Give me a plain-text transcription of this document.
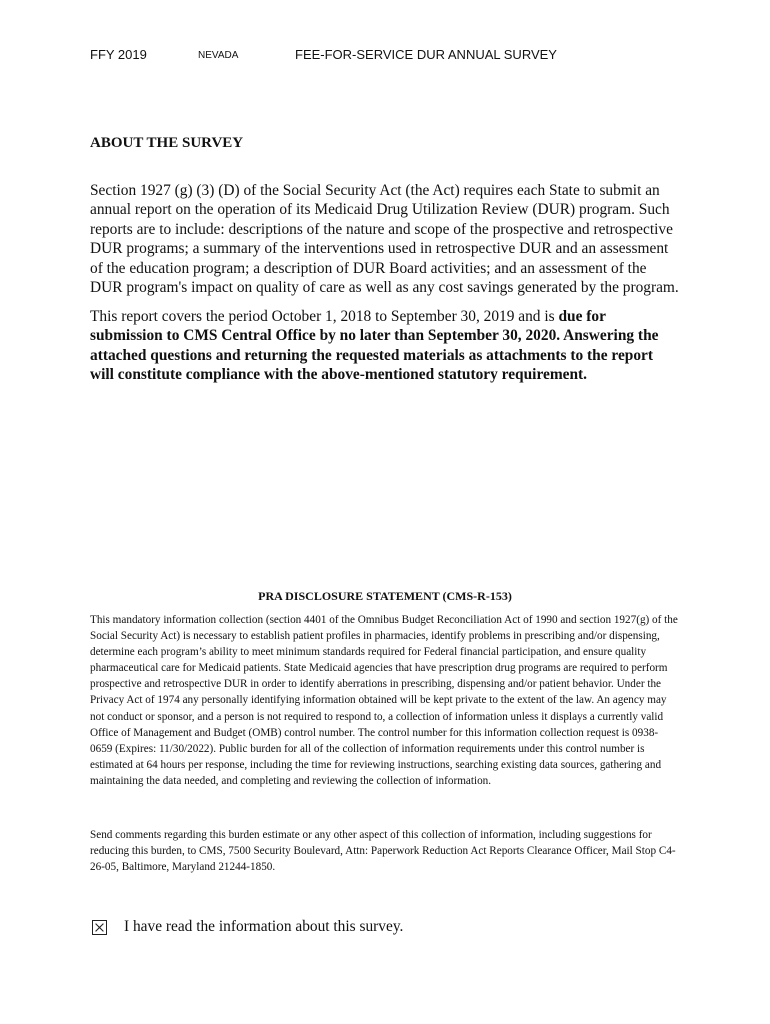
FFY 2019	NEVADA	FEE-FOR-SERVICE DUR ANNUAL SURVEY
ABOUT THE SURVEY

Section 1927 (g) (3) (D) of the Social Security Act (the Act) requires each State to submit an annual report on the operation of its Medicaid Drug Utilization Review (DUR) program. Such reports are to include: descriptions of the nature and scope of the prospective and retrospective DUR programs; a summary of the interventions used in retrospective DUR and an assessment of the education program; a description of DUR Board activities; and an assessment of the DUR program's impact on quality of care as well as any cost savings generated by the program.

This report covers the period October 1, 2018 to September 30, 2019 and is due for submission to CMS Central Office by no later than September 30, 2020. Answering the attached questions and returning the requested materials as attachments to the report will constitute compliance with the above-mentioned statutory requirement.

PRA DISCLOSURE STATEMENT (CMS-R-153)

This mandatory information collection (section 4401 of the Omnibus Budget Reconciliation Act of 1990 and section 1927(g) of the Social Security Act) is necessary to establish patient profiles in pharmacies, identify problems in prescribing and/or dispensing, determine each program’s ability to meet minimum standards required for Federal financial participation, and ensure quality pharmaceutical care for Medicaid patients. State Medicaid agencies that have prescription drug programs are required to perform prospective and retrospective DUR in order to identify aberrations in prescribing, dispensing and/or patient behavior. Under the Privacy Act of 1974 any personally identifying information obtained will be kept private to the extent of the law. An agency may not conduct or sponsor, and a person is not required to respond to, a collection of information unless it displays a currently valid Office of Management and Budget (OMB) control number. The control number for this information collection request is 0938-0659 (Expires: 11/30/2022). Public burden for all of the collection of information requirements under this control number is estimated at 64 hours per response, including the time for reviewing instructions, searching existing data sources, gathering and maintaining the data needed, and completing and reviewing the collection of information.

Send comments regarding this burden estimate or any other aspect of this collection of information, including suggestions for reducing this burden, to CMS, 7500 Security Boulevard, Attn: Paperwork Reduction Act Reports Clearance Officer, Mail Stop C4-26-05, Baltimore, Maryland 21244-1850.

I have read the information about this survey.
